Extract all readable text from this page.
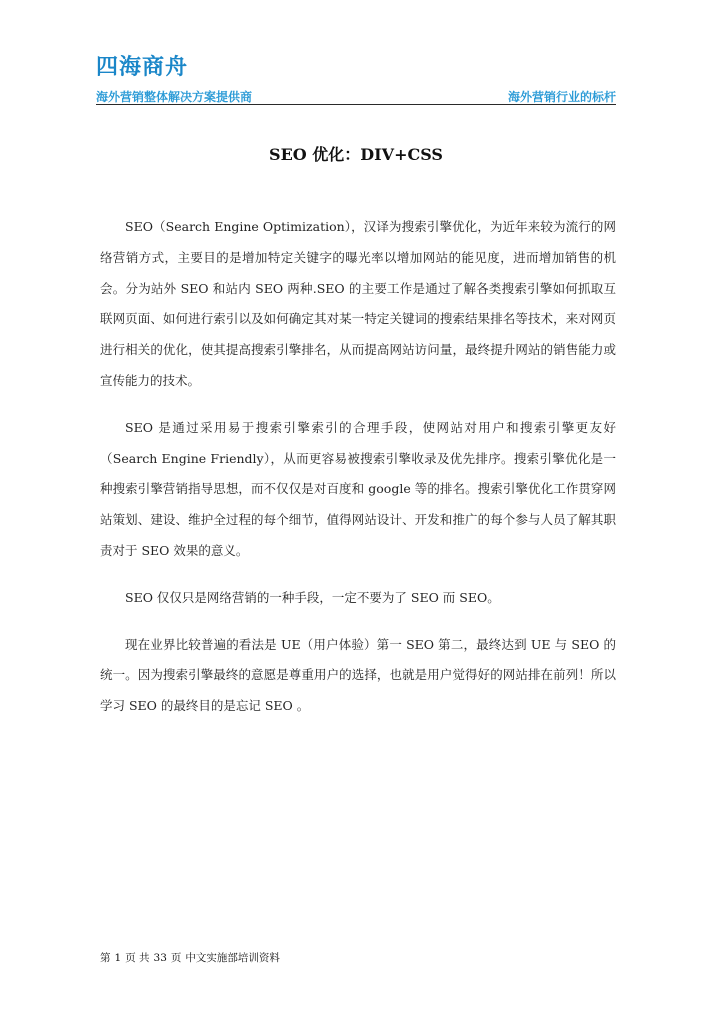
四海商舟
海外营销整体解决方案提供商	海外营销行业的标杆
SEO 优化：DIV+CSS

SEO（Search Engine Optimization），汉译为搜索引擎优化，为近年来较为流行的网络营销方式，主要目的是增加特定关键字的曝光率以增加网站的能见度，进而增加销售的机会。分为站外 SEO 和站内 SEO 两种.SEO 的主要工作是通过了解各类搜索引擎如何抓取互联网页面、如何进行索引以及如何确定其对某一特定关键词的搜索结果排名等技术，来对网页进行相关的优化，使其提高搜索引擎排名，从而提高网站访问量，最终提升网站的销售能力或宣传能力的技术。

SEO 是通过采用易于搜索引擎索引的合理手段，使网站对用户和搜索引擎更友好（Search Engine Friendly），从而更容易被搜索引擎收录及优先排序。搜索引擎优化是一种搜索引擎营销指导思想，而不仅仅是对百度和 google 等的排名。搜索引擎优化工作贯穿网站策划、建设、维护全过程的每个细节，值得网站设计、开发和推广的每个参与人员了解其职责对于 SEO 效果的意义。

SEO 仅仅只是网络营销的一种手段，一定不要为了 SEO 而 SEO。

现在业界比较普遍的看法是 UE（用户体验）第一 SEO 第二，最终达到 UE 与 SEO 的统一。因为搜索引擎最终的意愿是尊重用户的选择，也就是用户觉得好的网站排在前列！所以学习 SEO 的最终目的是忘记 SEO 。

第 1 页 共 33 页 中文实施部培训资料
